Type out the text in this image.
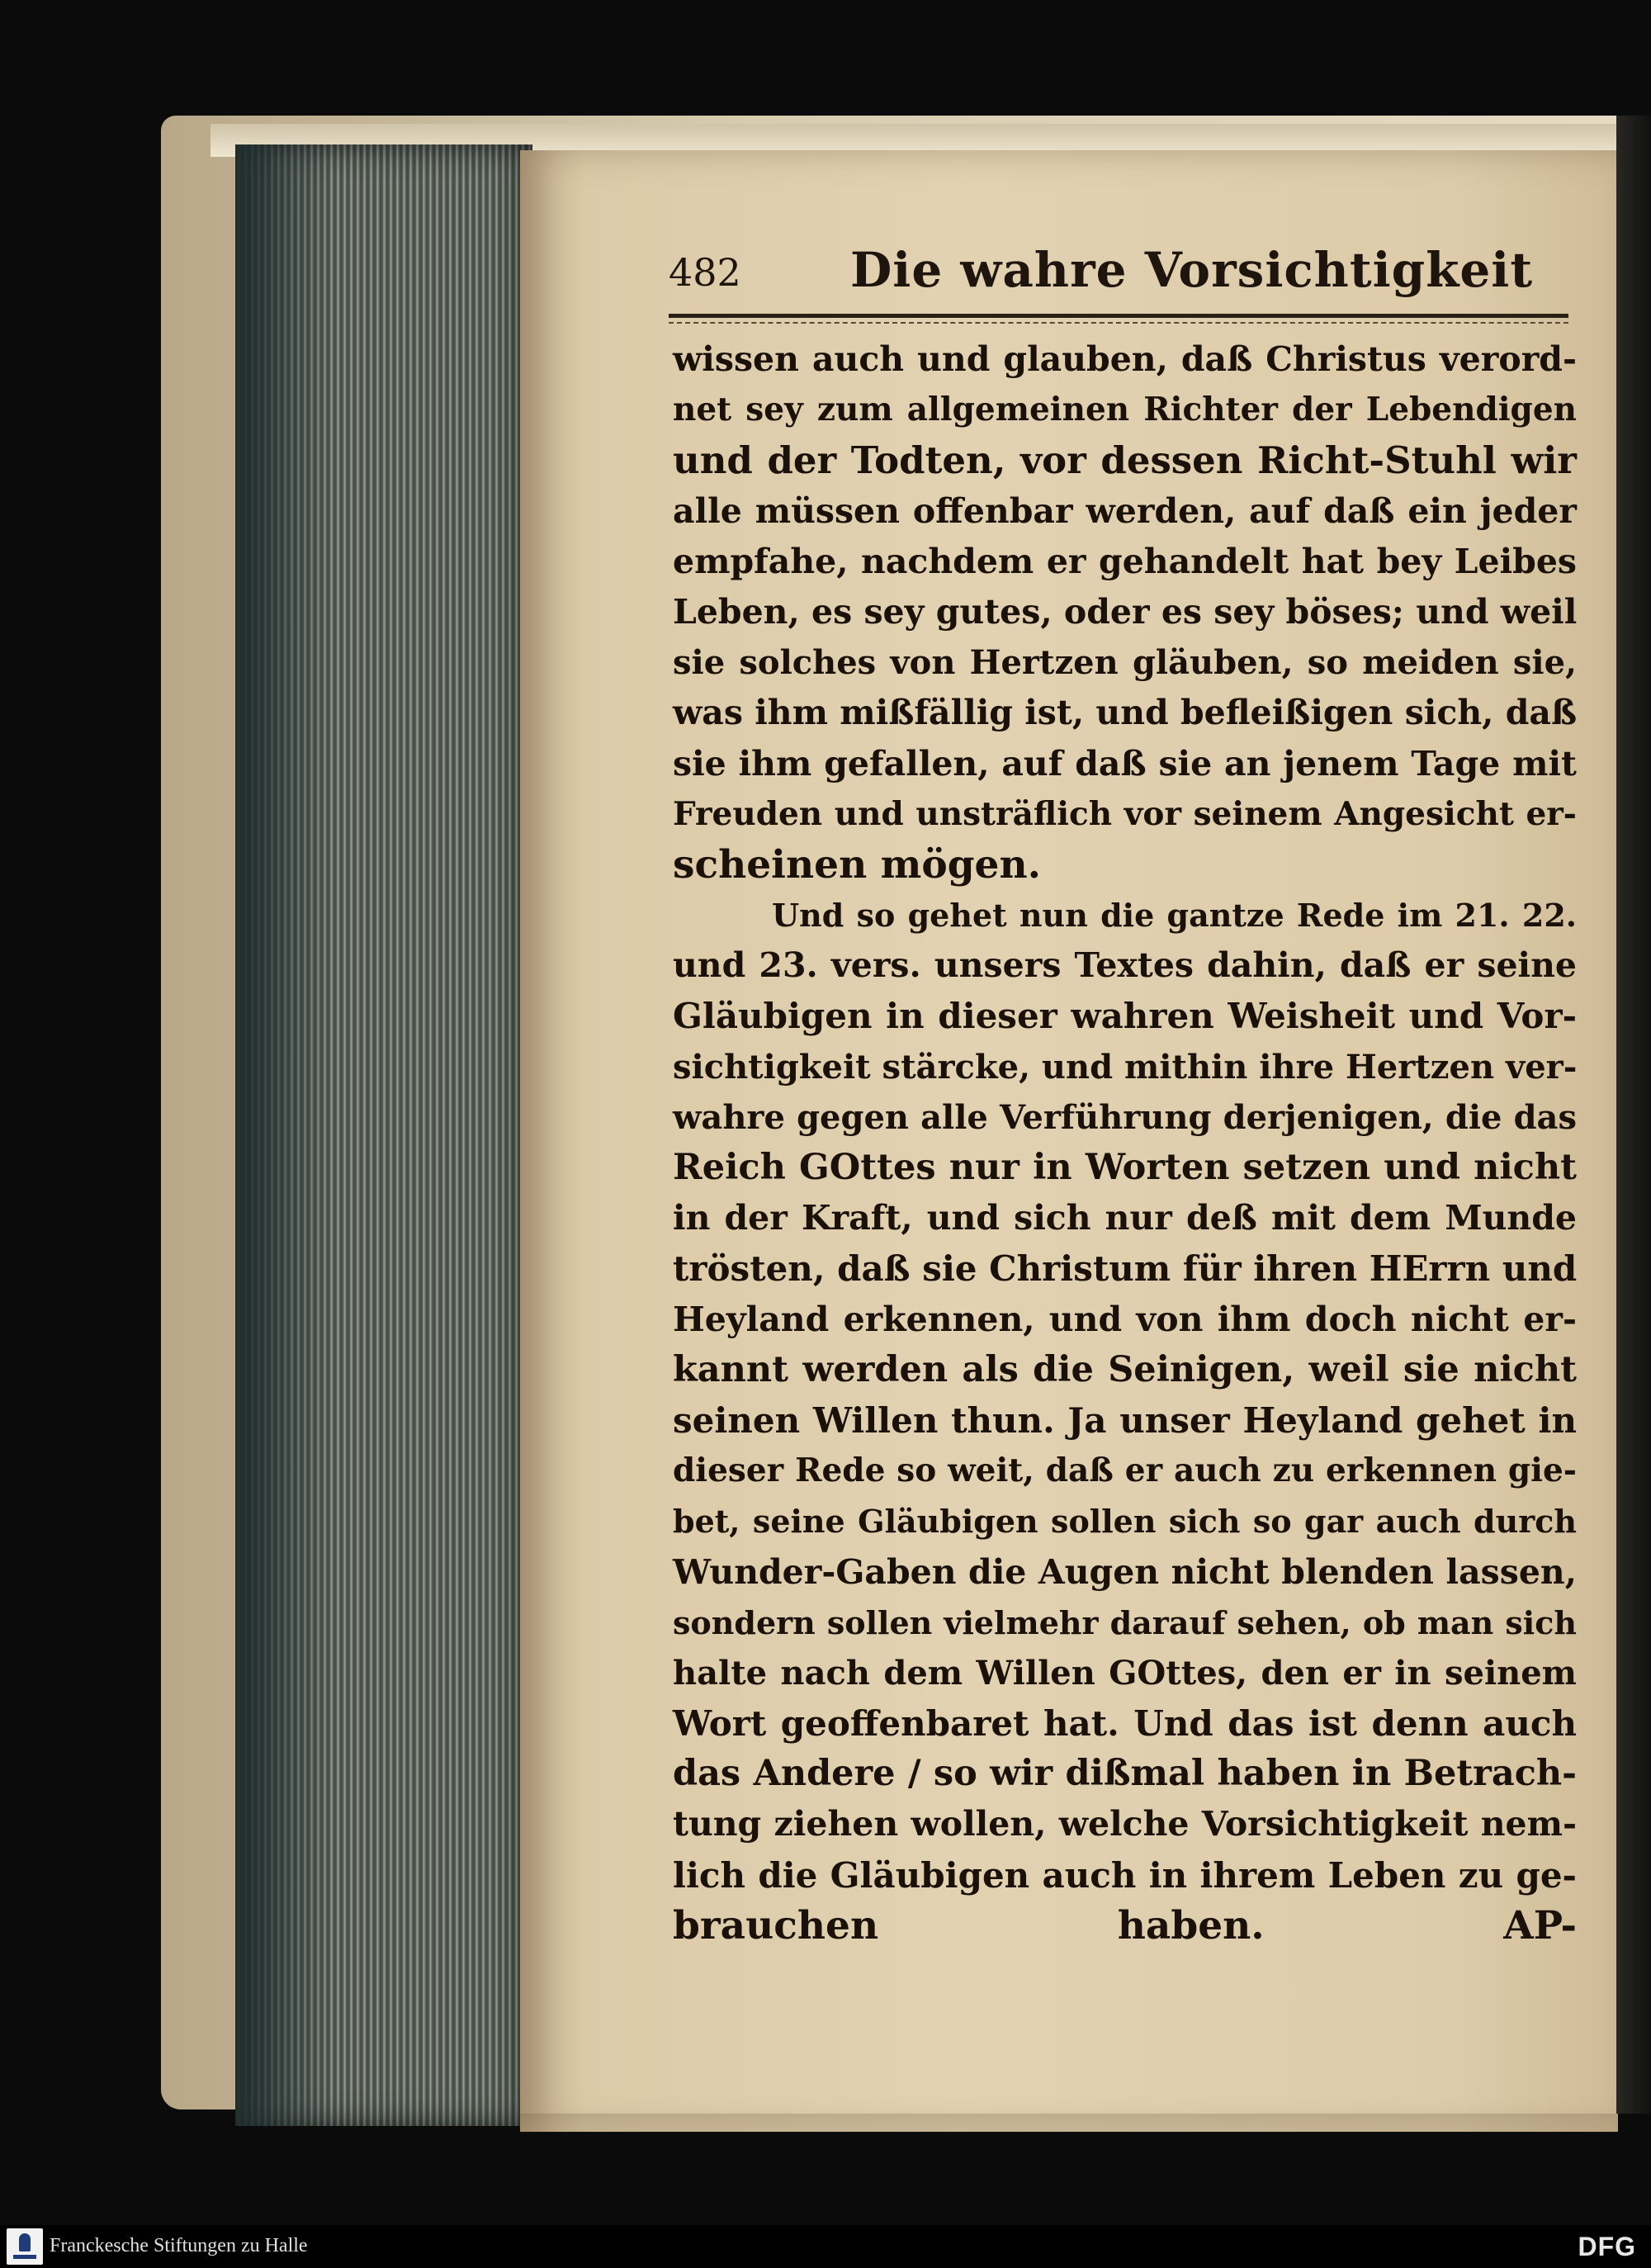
482 Die wahre Vorsichtigkeit
wissen auch und glauben, daß Christus verord-
net sey zum allgemeinen Richter der Lebendigen
und der Todten, vor dessen Richt-Stuhl wir
alle müssen offenbar werden, auf daß ein jeder
empfahe, nachdem er gehandelt hat bey Leibes
Leben, es sey gutes, oder es sey böses; und weil
sie solches von Hertzen gläuben, so meiden sie,
was ihm mißfällig ist, und befleißigen sich, daß
sie ihm gefallen, auf daß sie an jenem Tage mit
Freuden und unsträflich vor seinem Angesicht er-
scheinen mögen.
Und so gehet nun die gantze Rede im 21. 22.
und 23. vers. unsers Textes dahin, daß er seine
Gläubigen in dieser wahren Weisheit und Vor-
sichtigkeit stärcke, und mithin ihre Hertzen ver-
wahre gegen alle Verführung derjenigen, die das
Reich GOttes nur in Worten setzen und nicht
in der Kraft, und sich nur deß mit dem Munde
trösten, daß sie Christum für ihren HErrn und
Heyland erkennen, und von ihm doch nicht er-
kannt werden als die Seinigen, weil sie nicht
seinen Willen thun. Ja unser Heyland gehet in
dieser Rede so weit, daß er auch zu erkennen gie-
bet, seine Gläubigen sollen sich so gar auch durch
Wunder-Gaben die Augen nicht blenden lassen,
sondern sollen vielmehr darauf sehen, ob man sich
halte nach dem Willen GOttes, den er in seinem
Wort geoffenbaret hat. Und das ist denn auch
das Andere / so wir dißmal haben in Betrach-
tung ziehen wollen, welche Vorsichtigkeit nem-
lich die Gläubigen auch in ihrem Leben zu ge-
brauchen haben. AP-
Franckesche Stiftungen zu Halle	DFG
